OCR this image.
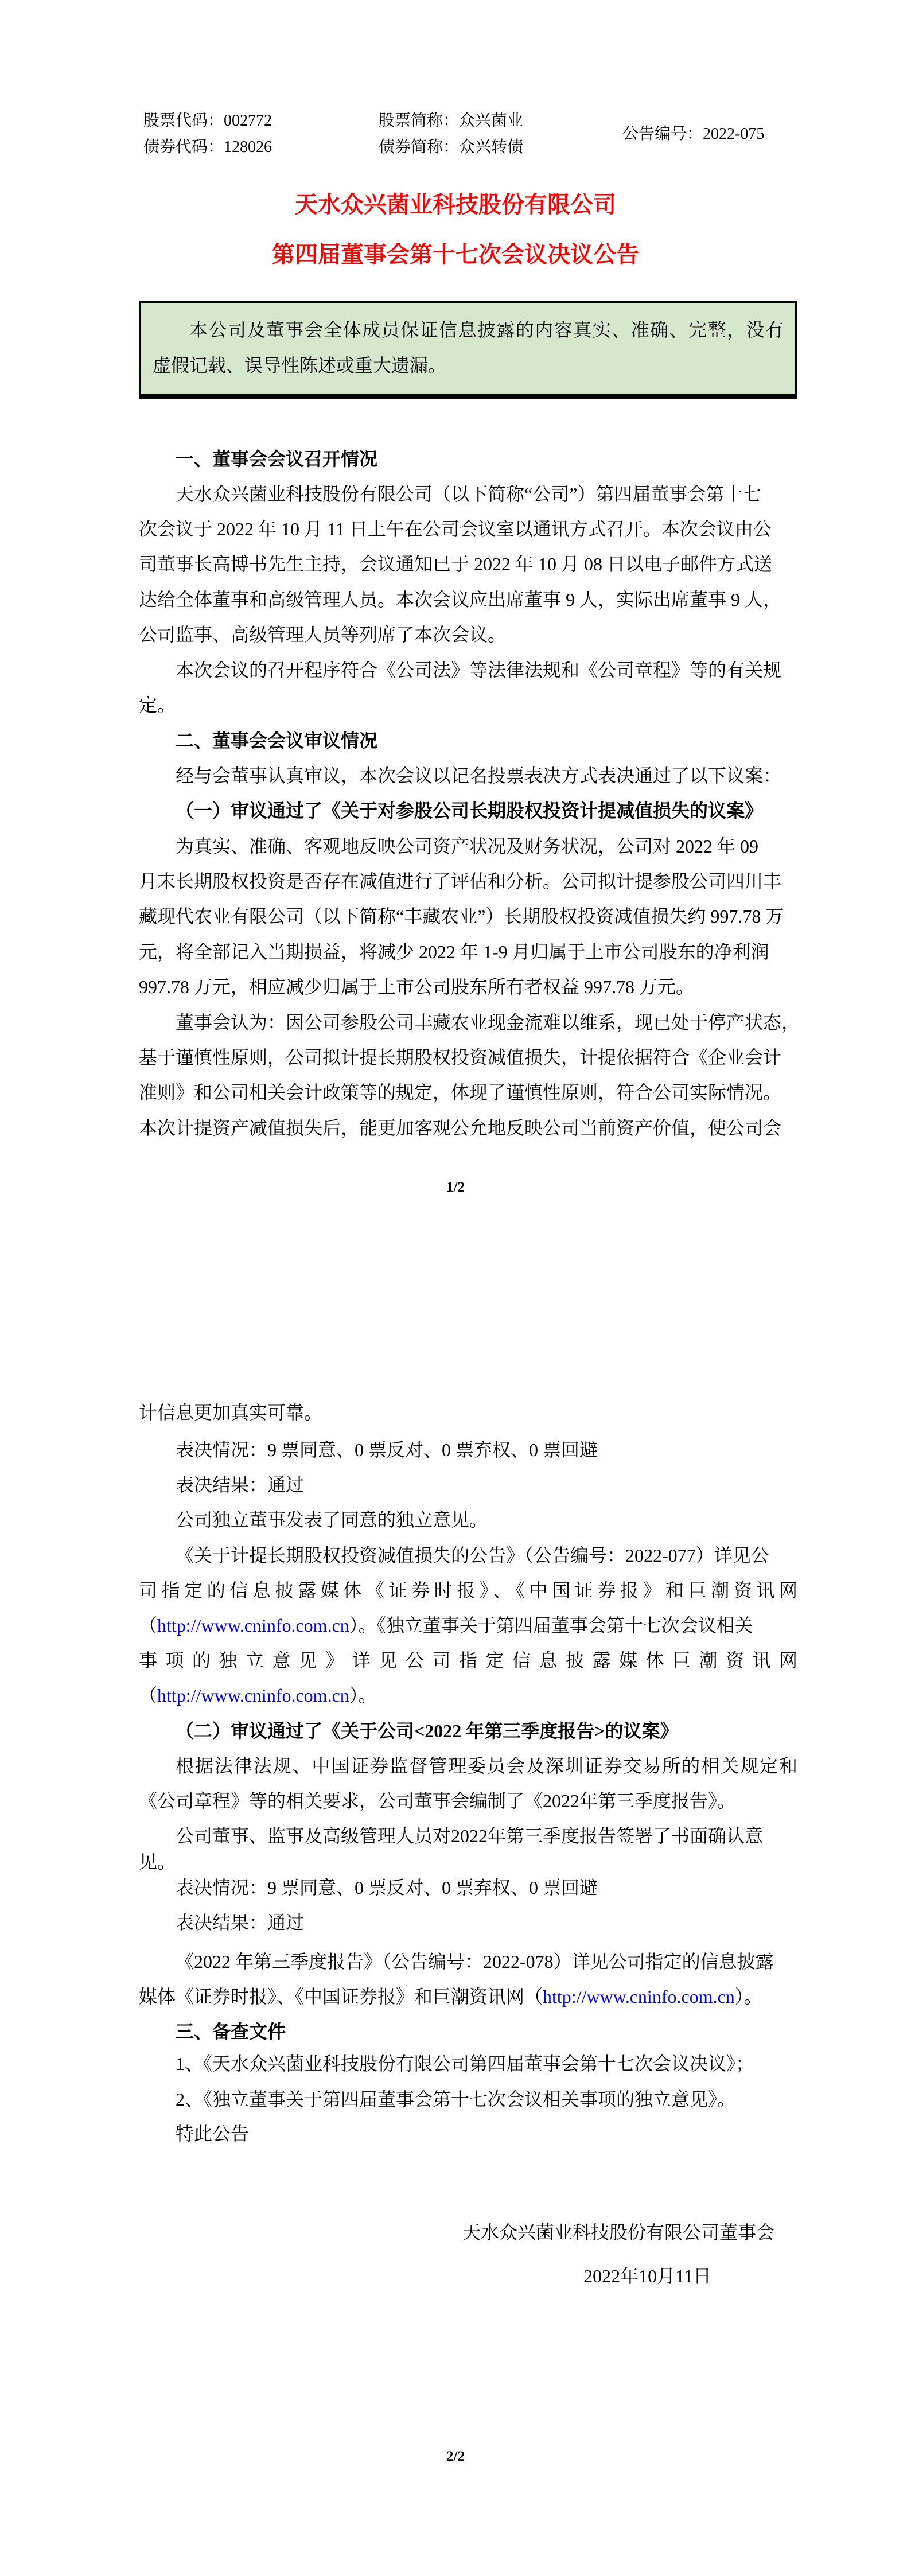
股票代码：002772	股票简称：众兴菌业
债券代码：128026	债券简称：众兴转债
公告编号：2022-075
天水众兴菌业科技股份有限公司
第四届董事会第十七次会议决议公告
本公司及董事会全体成员保证信息披露的内容真实、准确、完整，没有
虚假记载、误导性陈述或重大遗漏。
一、董事会会议召开情况
天水众兴菌业科技股份有限公司（以下简称“公司”）第四届董事会第十七
次会议于 2022 年 10 月 11 日上午在公司会议室以通讯方式召开。本次会议由公
司董事长高博书先生主持，会议通知已于 2022 年 10 月 08 日以电子邮件方式送
达给全体董事和高级管理人员。本次会议应出席董事 9 人，实际出席董事 9 人，
公司监事、高级管理人员等列席了本次会议。
本次会议的召开程序符合《公司法》等法律法规和《公司章程》等的有关规
定。
二、董事会会议审议情况
经与会董事认真审议，本次会议以记名投票表决方式表决通过了以下议案：
（一）审议通过了《关于对参股公司长期股权投资计提减值损失的议案》
为真实、准确、客观地反映公司资产状况及财务状况，公司对 2022 年 09
月末长期股权投资是否存在减值进行了评估和分析。公司拟计提参股公司四川丰
藏现代农业有限公司（以下简称“丰藏农业”）长期股权投资减值损失约 997.78 万
元，将全部记入当期损益，将减少 2022 年 1-9 月归属于上市公司股东的净利润
997.78 万元，相应减少归属于上市公司股东所有者权益 997.78 万元。
董事会认为：因公司参股公司丰藏农业现金流难以维系，现已处于停产状态，
基于谨慎性原则，公司拟计提长期股权投资减值损失，计提依据符合《企业会计
准则》和公司相关会计政策等的规定，体现了谨慎性原则，符合公司实际情况。
本次计提资产减值损失后，能更加客观公允地反映公司当前资产价值，使公司会
1/2
计信息更加真实可靠。
表决情况：9 票同意、0 票反对、0 票弃权、0 票回避
表决结果：通过
公司独立董事发表了同意的独立意见。
《关于计提长期股权投资减值损失的公告》（公告编号：2022-077）详见公
司指定的信息披露媒体《证券时报》、《中国证券报》和巨潮资讯网
（http://www.cninfo.com.cn）。《独立董事关于第四届董事会第十七次会议相关
事项的独立意见》详见公司指定信息披露媒体巨潮资讯网
（http://www.cninfo.com.cn）。
（二）审议通过了《关于公司<2022 年第三季度报告>的议案》
根据法律法规、中国证券监督管理委员会及深圳证券交易所的相关规定和
《公司章程》等的相关要求，公司董事会编制了《2022年第三季度报告》。
公司董事、监事及高级管理人员对2022年第三季度报告签署了书面确认意
见。
表决情况：9 票同意、0 票反对、0 票弃权、0 票回避
表决结果：通过
《2022 年第三季度报告》（公告编号：2022-078）详见公司指定的信息披露
媒体《证券时报》、《中国证券报》和巨潮资讯网（http://www.cninfo.com.cn）。
三、备查文件
1、《天水众兴菌业科技股份有限公司第四届董事会第十七次会议决议》；
2、《独立董事关于第四届董事会第十七次会议相关事项的独立意见》。
特此公告
天水众兴菌业科技股份有限公司董事会
2022年10月11日
2/2
